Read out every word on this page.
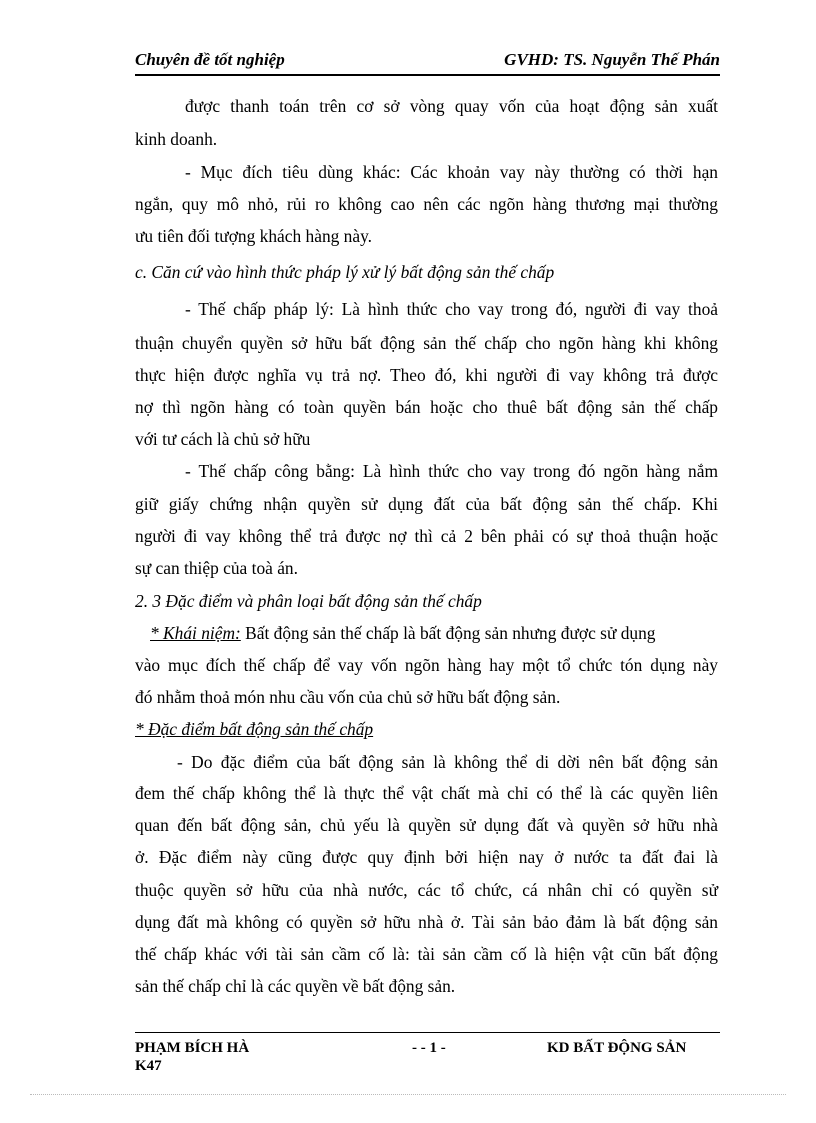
Chuyên đề tốt nghiệp	GVHD: TS. Nguyễn Thế Phán
được thanh toán trên cơ sở vòng quay vốn của hoạt động sản xuất
kinh doanh.
- Mục đích tiêu dùng khác: Các khoản vay này thường có thời hạn
ngắn, quy mô nhỏ, rủi ro không cao nên các ngõn hàng thương mại thường
ưu tiên đối tượng khách hàng này.
c. Căn cứ vào hình thức pháp lý xử lý bất động sản thế chấp
- Thế chấp pháp lý: Là hình thức cho vay trong đó, người đi vay thoả
thuận chuyển quyền sở hữu bất động sản thế chấp cho ngõn hàng khi không
thực hiện được nghĩa vụ trả nợ. Theo đó, khi người đi vay không trả được
nợ thì ngõn hàng có toàn quyền bán hoặc cho thuê bất động sản thế chấp
với tư cách là chủ sở hữu
- Thế chấp công bằng: Là hình thức cho vay trong đó ngõn hàng nắm
giữ giấy chứng nhận quyền sử dụng đất của bất động sản thế chấp. Khi
người đi vay không thể trả được nợ thì cả 2 bên phải có sự thoả thuận hoặc
sự can thiệp của toà án.
2. 3 Đặc điểm và phân loại bất động sản thế chấp
* Khái niệm: Bất động sản thế chấp là bất động sản nhưng được sử dụng
vào mục đích thế chấp để vay vốn ngõn hàng hay một tổ chức tón dụng này
đó nhằm thoả món nhu cầu vốn của chủ sở hữu bất động sản.
* Đặc điểm bất động sản thế chấp
- Do đặc điểm của bất động sản là không thể di dời nên bất động sản
đem thế chấp không thể là thực thể vật chất mà chỉ có thể là các quyền liên
quan đến bất động sản, chủ yếu là quyền sử dụng đất và quyền sở hữu nhà
ở. Đặc điểm này cũng được quy định bởi hiện nay ở nước ta đất đai là
thuộc quyền sở hữu của nhà nước, các tổ chức, cá nhân chỉ có quyền sử
dụng đất mà không có quyền sở hữu nhà ở. Tài sản bảo đảm là bất động sản
thế chấp khác với tài sản cầm cố là: tài sản cầm cố là hiện vật cũn bất động
sản thế chấp chỉ là các quyền về bất động sản.
PHẠM BÍCH HÀ
K47
- - 1 -	KD BẤT ĐỘNG SẢN
